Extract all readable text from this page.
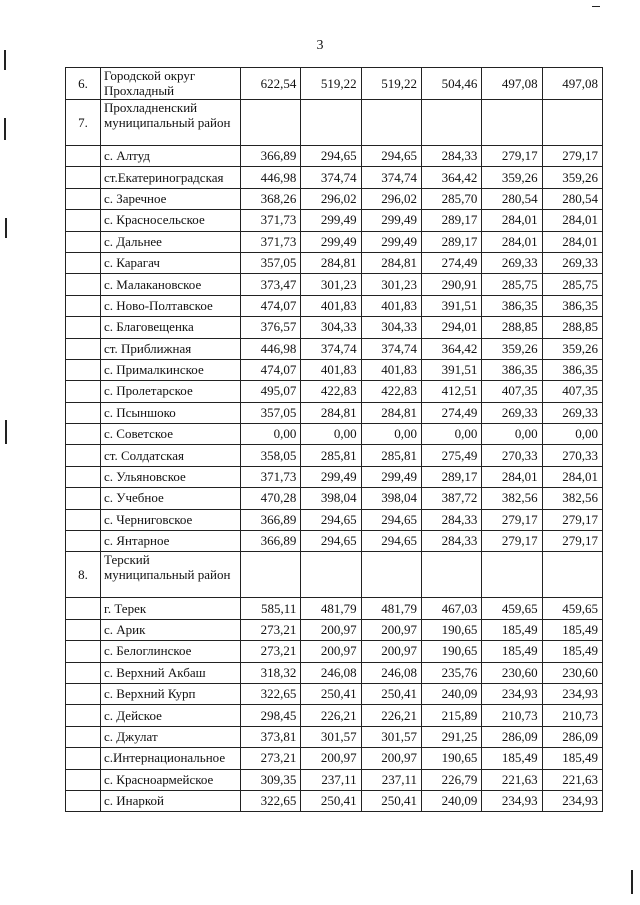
3
6.	Городской округ Прохладный	622,54	519,22	519,22	504,46	497,08	497,08
7.	Прохладненский муниципальный район						
	с. Алтуд	366,89	294,65	294,65	284,33	279,17	279,17
	ст.Екатериноградская	446,98	374,74	374,74	364,42	359,26	359,26
	с. Заречное	368,26	296,02	296,02	285,70	280,54	280,54
	с. Красносельское	371,73	299,49	299,49	289,17	284,01	284,01
	с. Дальнее	371,73	299,49	299,49	289,17	284,01	284,01
	с. Карагач	357,05	284,81	284,81	274,49	269,33	269,33
	с. Малакановское	373,47	301,23	301,23	290,91	285,75	285,75
	с. Ново-Полтавское	474,07	401,83	401,83	391,51	386,35	386,35
	с. Благовещенка	376,57	304,33	304,33	294,01	288,85	288,85
	ст. Приближная	446,98	374,74	374,74	364,42	359,26	359,26
	с. Прималкинское	474,07	401,83	401,83	391,51	386,35	386,35
	с. Пролетарское	495,07	422,83	422,83	412,51	407,35	407,35
	с. Псыншоко	357,05	284,81	284,81	274,49	269,33	269,33
	с. Советское	0,00	0,00	0,00	0,00	0,00	0,00
	ст. Солдатская	358,05	285,81	285,81	275,49	270,33	270,33
	с. Ульяновское	371,73	299,49	299,49	289,17	284,01	284,01
	с. Учебное	470,28	398,04	398,04	387,72	382,56	382,56
	с. Черниговское	366,89	294,65	294,65	284,33	279,17	279,17
	с. Янтарное	366,89	294,65	294,65	284,33	279,17	279,17
8.	Терский муниципальный район						
	г. Терек	585,11	481,79	481,79	467,03	459,65	459,65
	с. Арик	273,21	200,97	200,97	190,65	185,49	185,49
	с. Белоглинское	273,21	200,97	200,97	190,65	185,49	185,49
	с. Верхний Акбаш	318,32	246,08	246,08	235,76	230,60	230,60
	с. Верхний Курп	322,65	250,41	250,41	240,09	234,93	234,93
	с. Дейское	298,45	226,21	226,21	215,89	210,73	210,73
	с. Джулат	373,81	301,57	301,57	291,25	286,09	286,09
	с.Интернациональное	273,21	200,97	200,97	190,65	185,49	185,49
	с. Красноармейское	309,35	237,11	237,11	226,79	221,63	221,63
	с. Инаркой	322,65	250,41	250,41	240,09	234,93	234,93
